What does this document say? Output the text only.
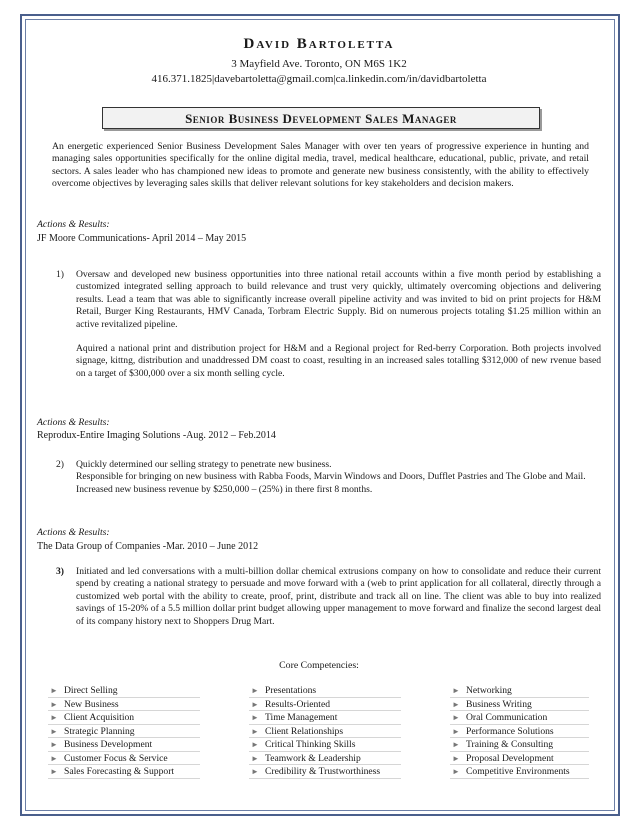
David Bartoletta
3 Mayfield Ave. Toronto, ON M6S 1K2
416.371.1825|davebartoletta@gmail.com|ca.linkedin.com/in/davidbartoletta
Senior Business Development Sales Manager

An energetic experienced Senior Business Development Sales Manager with over ten years of progressive experience in hunting and managing sales opportunities specifically for the online digital media, travel, medical healthcare, educational, public, private, and retail sectors. A sales leader who has championed new ideas to promote and generate new business consistently, with the ability to effectively overcome objectives by leveraging sales skills that deliver relevant solutions for key stakeholders and decision makers.

Actions & Results:
JF Moore Communications- April 2014 – May 2015
1) Oversaw and developed new business opportunities into three national retail accounts within a five month period by establishing a customized integrated selling approach to build relevance and trust very quickly, ultimately overcoming objections and delivering results. Lead a team that was able to significantly increase overall pipeline activity and was invited to bid on print projects for H&M Retail, Burger King Restaurants, HMV Canada, Torbram Electric Supply. Bid on numerous projects totaling $1.25 million within an active revitalized pipeline.

Aquired a national print and distribution project for H&M and a Regional project for Red-berry Corporation. Both projects involved signage, kittng, distribution and unaddressed DM coast to coast, resulting in an increased sales totalling $312,000 of new rvenue based on a target of $300,000 over a six month selling cycle.

Actions & Results:
Reprodux-Entire Imaging Solutions -Aug. 2012 – Feb.2014
2) Quickly determined our selling strategy to penetrate new business.

Responsible for bringing on new business with Rabba Foods, Marvin Windows and Doors, Dufflet Pastries and The Globe and Mail.

Increased new business revenue by $250,000 – (25%) in there first 8 months.

Actions & Results:
The Data Group of Companies -Mar. 2010 – June 2012
3) Initiated and led conversations with a multi-billion dollar chemical extrusions company on how to consolidate and reduce their current spend by creating a national strategy to persuade and move forward with a (web to print application for all collateral, directly through a customized web portal with the ability to create, proof, print, distribute and track all on line. The client was able to buy into realized savings of 15-20% of a 5.5 million dollar print budget allowing upper management to move forward and finalize the second largest deal of its company history next to Shoppers Drug Mart.

Core Competencies:
► Direct Selling
► New Business
► Client Acquisition
► Strategic Planning
► Business Development
► Customer Focus & Service
► Sales Forecasting & Support
► Presentations
► Results-Oriented
► Time Management
► Client Relationships
► Critical Thinking Skills
► Teamwork & Leadership
► Credibility & Trustworthiness
► Networking
► Business Writing
► Oral Communication
► Performance Solutions
► Training & Consulting
► Proposal Development
► Competitive Environments
